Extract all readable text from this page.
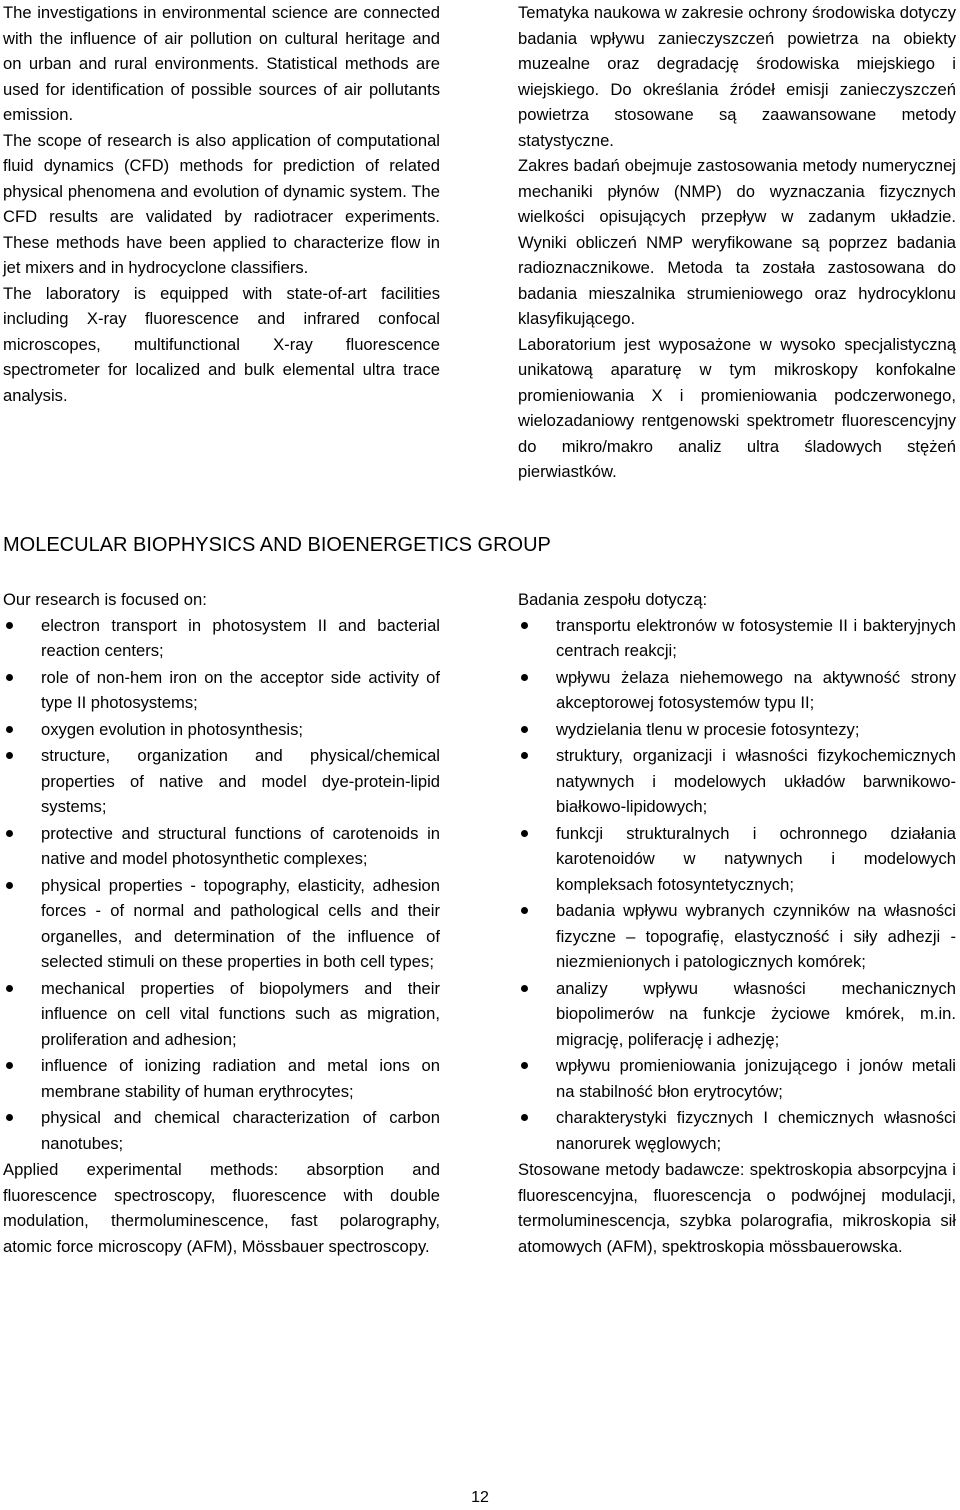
The investigations in environmental science are connected with the influence of air pollution on cultural heritage and on urban and rural environments. Statistical methods are used for identification of possible sources of air pollutants emission.

The scope of research is also application of computational fluid dynamics (CFD) methods for prediction of related physical phenomena and evolution of dynamic system. The CFD results are validated by radiotracer experiments. These methods have been applied to characterize flow in jet mixers and in hydrocyclone classifiers.

The laboratory is equipped with state-of-art facilities including X-ray fluorescence and infrared confocal microscopes, multifunctional X-ray fluorescence spectrometer for localized and bulk elemental ultra trace analysis.

Tematyka naukowa w zakresie ochrony środowiska dotyczy badania wpływu zanieczyszczeń powietrza na obiekty muzealne oraz degradację środowiska miejskiego i wiejskiego. Do określania źródeł emisji zanieczyszczeń powietrza stosowane są zaawansowane metody statystyczne.

Zakres badań obejmuje zastosowania metody numerycznej mechaniki płynów (NMP) do wyznaczania fizycznych wielkości opisujących przepływ w zadanym układzie. Wyniki obliczeń NMP weryfikowane są poprzez badania radioznacznikowe. Metoda ta została zastosowana do badania mieszalnika strumieniowego oraz hydrocyklonu klasyfikującego.

Laboratorium jest wyposażone w wysoko specjalistyczną unikatową aparaturę w tym mikroskopy konfokalne promieniowania X i promieniowania podczerwonego, wielozadaniowy rentgenowski spektrometr fluorescencyjny do mikro/makro analiz ultra śladowych stężeń pierwiastków.

MOLECULAR BIOPHYSICS AND BIOENERGETICS GROUP

Our research is focused on:

electron transport in photosystem II and bacterial reaction centers;
role of non-hem iron on the acceptor side activity of type II photosystems;
oxygen evolution in photosynthesis;
structure, organization and physical/chemical properties of native and model dye-protein-lipid systems;
protective and structural functions of carotenoids in native and model photosynthetic complexes;
physical properties - topography, elasticity, adhesion forces - of normal and pathological cells and their organelles, and determination of the influence of selected stimuli on these properties in both cell types;
mechanical properties of biopolymers and their influence on cell vital functions such as migration, proliferation and adhesion;
influence of ionizing radiation and metal ions on membrane stability of human erythrocytes;
physical and chemical characterization of carbon nanotubes;

Applied experimental methods: absorption and fluorescence spectroscopy, fluorescence with double modulation, thermoluminescence, fast polarography, atomic force microscopy (AFM), Mössbauer spectroscopy.

Badania zespołu dotyczą:

transportu elektronów w fotosystemie II i bakteryjnych centrach reakcji;
wpływu żelaza niehemowego na aktywność strony akceptorowej fotosystemów typu II;
wydzielania tlenu w procesie fotosyntezy;
struktury, organizacji i własności fizykochemicznych natywnych i modelowych układów barwnikowo-białkowo-lipidowych;
funkcji strukturalnych i ochronnego działania karotenoidów w natywnych i modelowych kompleksach fotosyntetycznych;
badania wpływu wybranych czynników na własności fizyczne – topografię, elastyczność i siły adhezji - niezmienionych i patologicznych komórek;
analizy wpływu własności mechanicznych biopolimerów na funkcje życiowe kmórek, m.in. migrację, poliferację i adhezję;
wpływu promieniowania jonizującego i jonów metali na stabilność błon erytrocytów;
charakterystyki fizycznych I chemicznych własności nanorurek węglowych;

Stosowane metody badawcze: spektroskopia absorpcyjna i fluorescencyjna, fluorescencja o podwójnej modulacji, termoluminescencja, szybka polarografia, mikroskopia sił atomowych (AFM), spektroskopia mössbauerowska.

12
